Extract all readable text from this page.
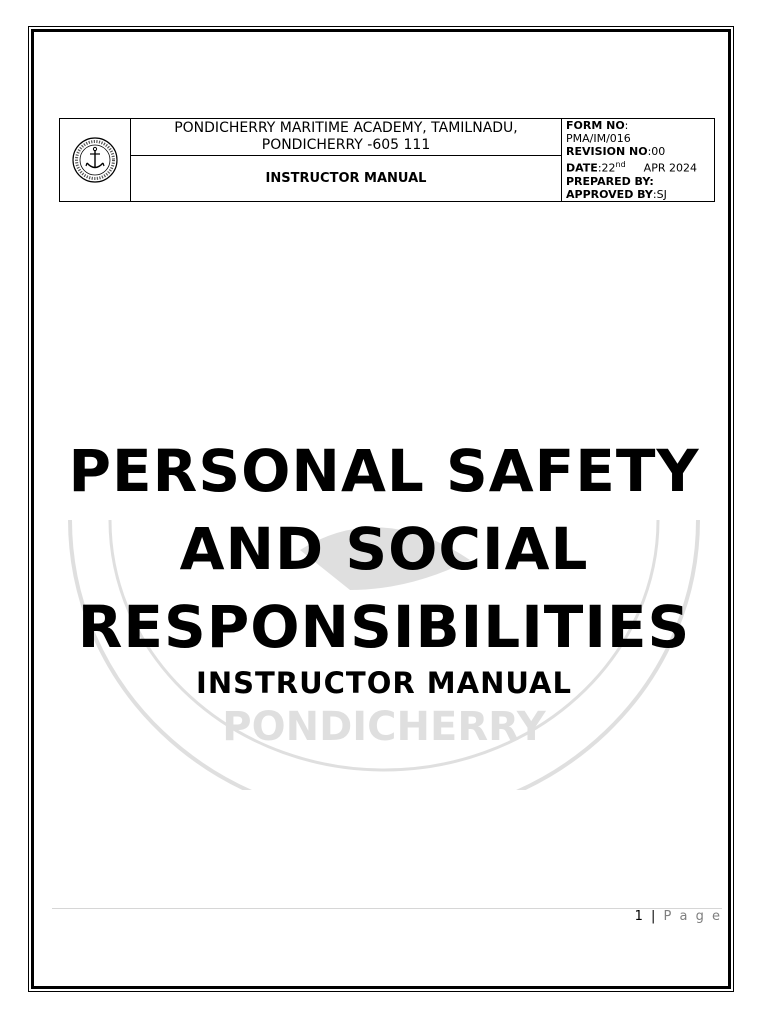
PONDICHERRY MARITIME ACADEMY, TAMILNADU,
PONDICHERRY -605 111

FORM NO:
PMA/IM/016
REVISION NO:00
DATE:22nd APR 2024
PREPARED BY:
APPROVED BY:SJ

INSTRUCTOR MANUAL
PONDICHERRY
PERSONAL SAFETY
AND SOCIAL
RESPONSIBILITIES
INSTRUCTOR MANUAL
1 | P a g e
